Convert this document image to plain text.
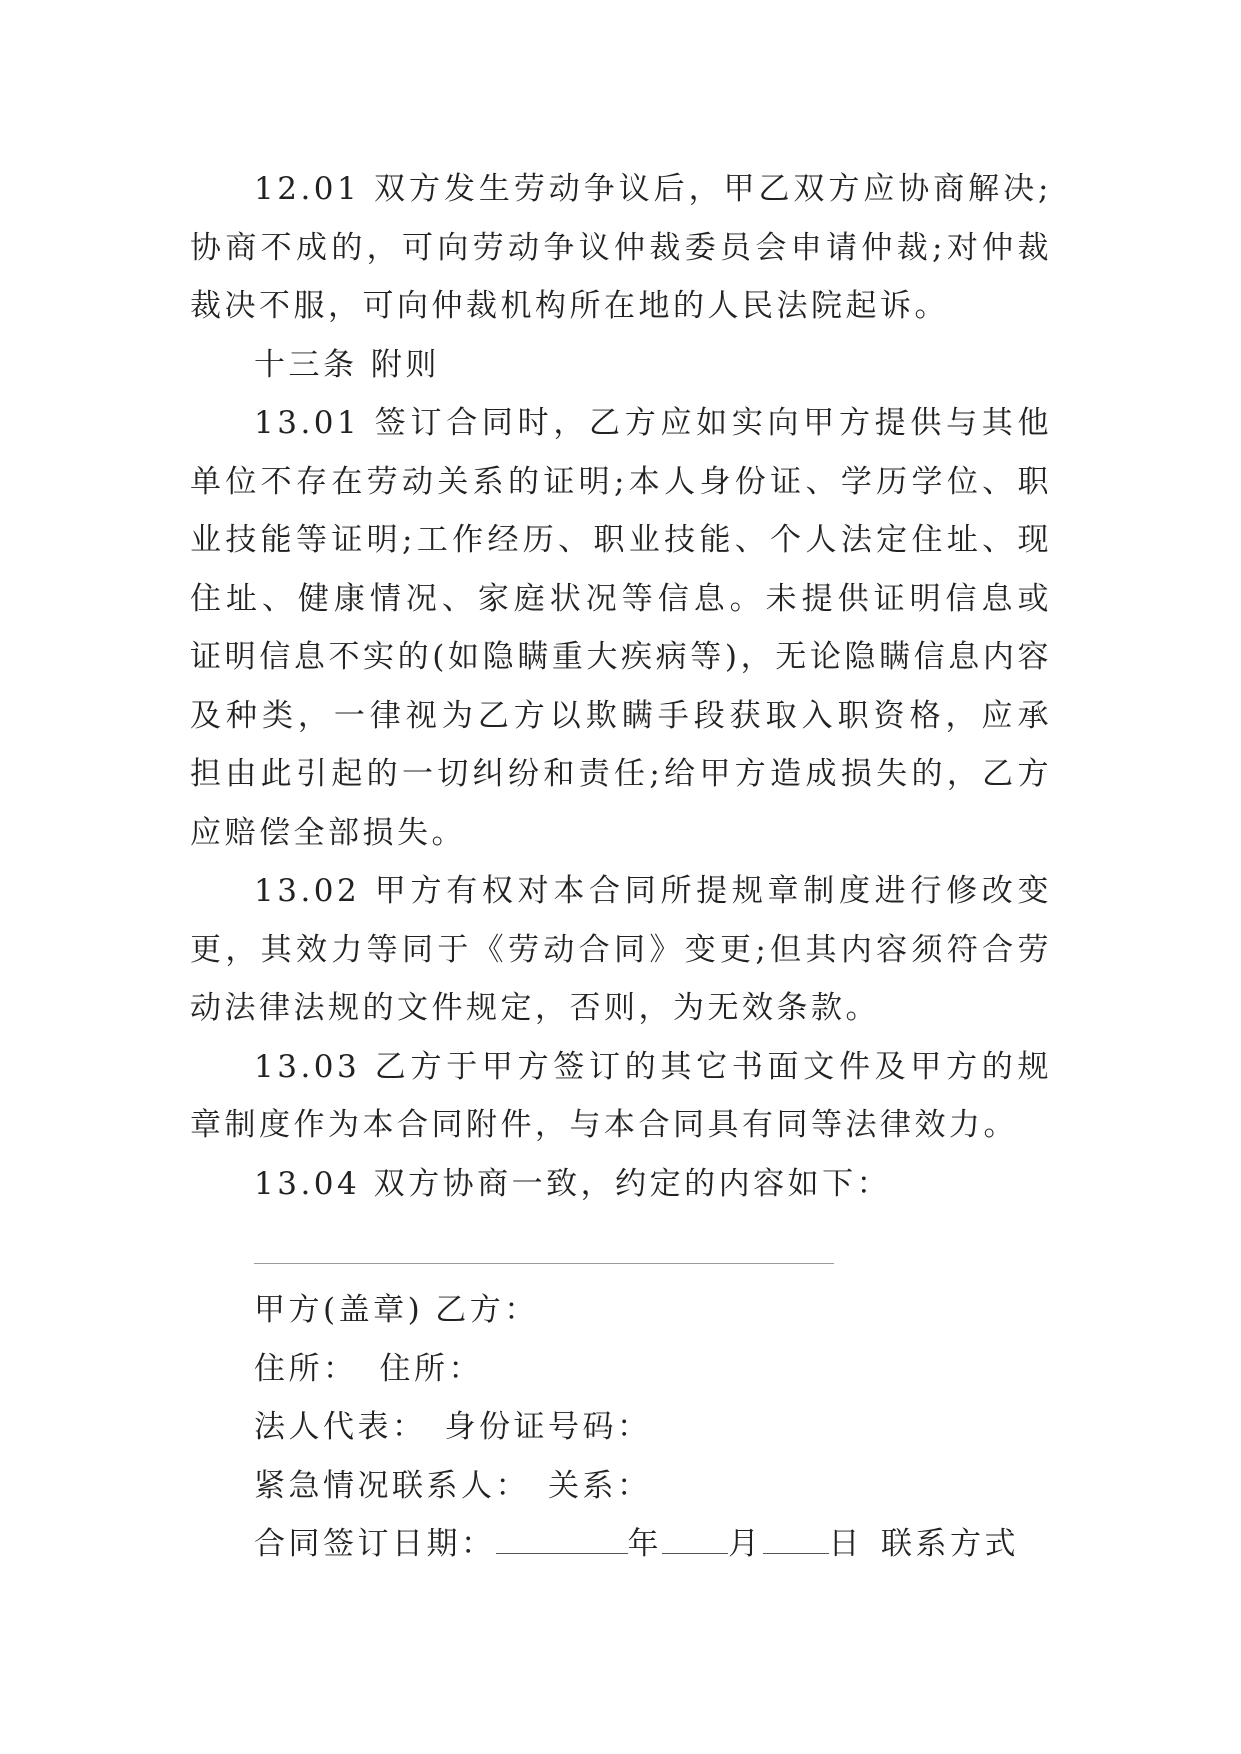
12.01 双方发生劳动争议后，甲乙双方应协商解决;协商不成的，可向劳动争议仲裁委员会申请仲裁;对仲裁裁决不服，可向仲裁机构所在地的人民法院起诉。

十三条 附则

13.01 签订合同时，乙方应如实向甲方提供与其他单位不存在劳动关系的证明;本人身份证、学历学位、职业技能等证明;工作经历、职业技能、个人法定住址、现住址、健康情况、家庭状况等信息。未提供证明信息或证明信息不实的(如隐瞒重大疾病等)，无论隐瞒信息内容及种类，一律视为乙方以欺瞒手段获取入职资格，应承担由此引起的一切纠纷和责任;给甲方造成损失的，乙方应赔偿全部损失。

13.02 甲方有权对本合同所提规章制度进行修改变更，其效力等同于《劳动合同》变更;但其内容须符合劳动法律法规的文件规定，否则，为无效条款。

13.03 乙方于甲方签订的其它书面文件及甲方的规章制度作为本合同附件，与本合同具有同等法律效力。

13.04 双方协商一致，约定的内容如下：

甲方(盖章) 乙方：

住所： 住所：

法人代表： 身份证号码：

紧急情况联系人： 关系：

合同签订日期：	年 月 日 联系方式
